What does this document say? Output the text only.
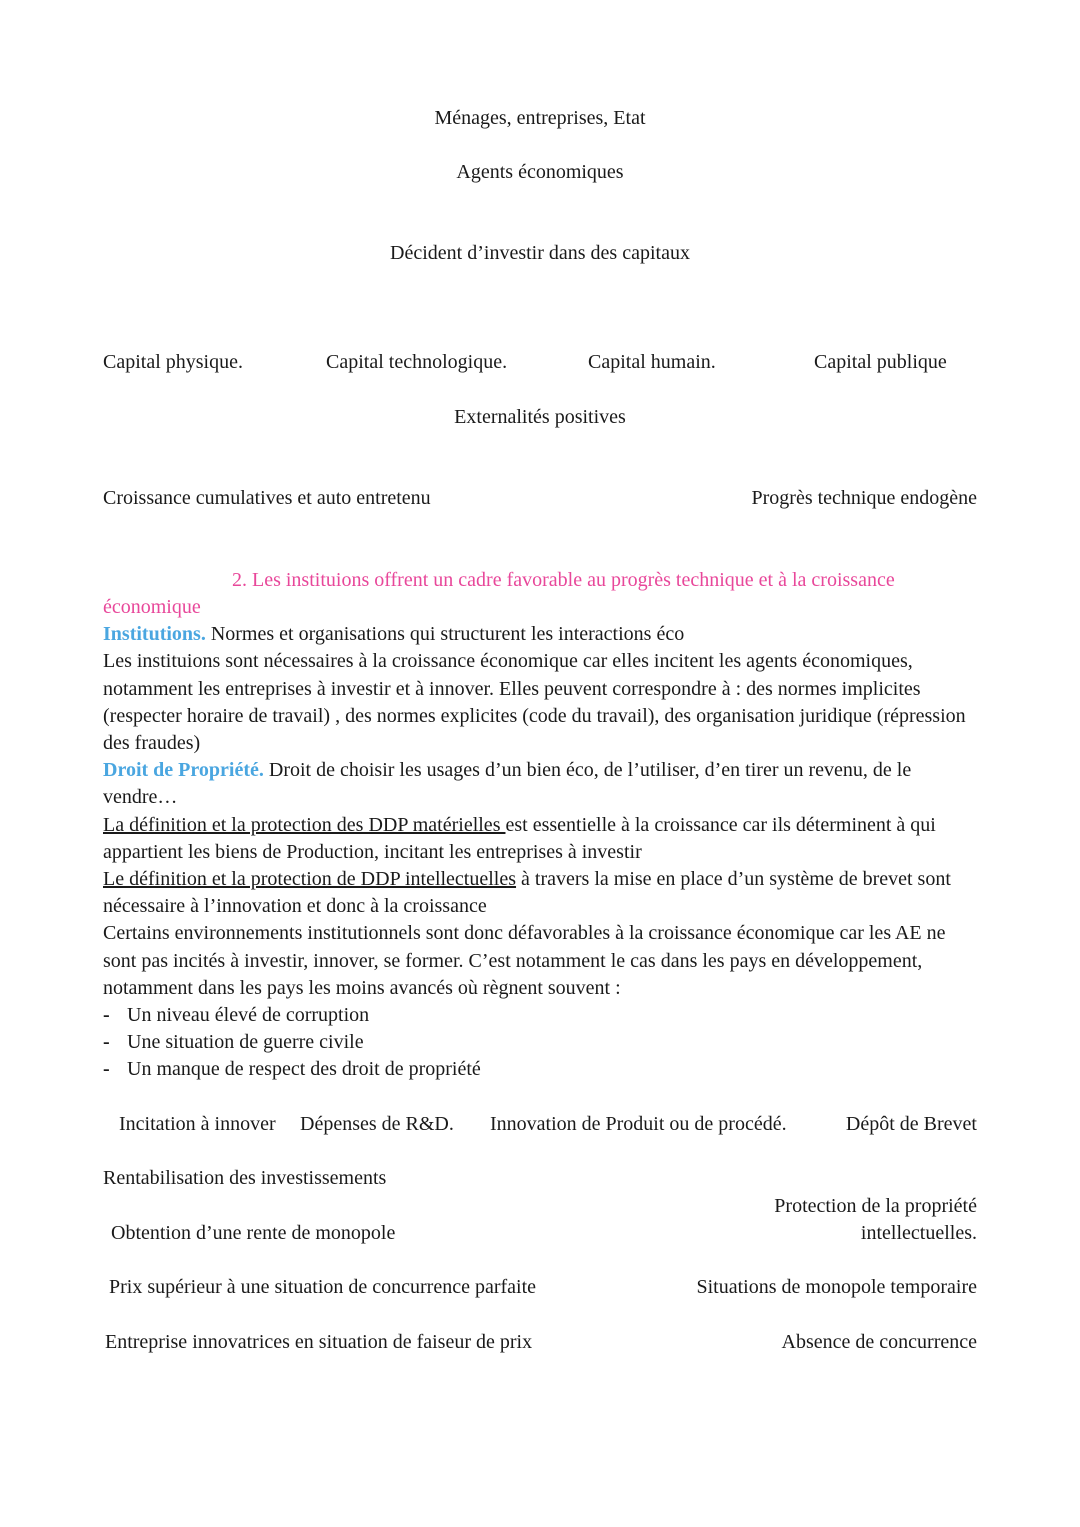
Ménages, entreprises, Etat
Agents économiques
Décident d’investir dans des capitaux
Capital physique.	Capital technologique.	Capital humain.	Capital publique
Externalités positives
Croissance cumulatives et auto entretenu	Progrès technique endogène
2. Les instituions offrent un cadre favorable au progrès technique et à la croissance

économique

Institutions. Normes et organisations qui structurent les interactions éco

Les instituions sont nécessaires à la croissance économique car elles incitent les agents économiques, notamment les entreprises à investir et à innover. Elles peuvent correspondre à : des normes implicites (respecter horaire de travail) , des normes explicites (code du travail), des organisation juridique (répression des fraudes)

Droit de Propriété. Droit de choisir les usages d’un bien éco, de l’utiliser, d’en tirer un revenu, de le vendre…

La définition et la protection des DDP matérielles est essentielle à la croissance car ils déterminent à qui appartient les biens de Production, incitant les entreprises à investir

Le définition et la protection de DDP intellectuelles à travers la mise en place d’un système de brevet sont nécessaire à l’innovation et donc à la croissance

Certains environnements institutionnels sont donc défavorables à la croissance économique car les AE ne sont pas incités à investir, innover, se former. C’est notamment le cas dans les pays en développement, notamment dans les pays les moins avancés où règnent souvent :

- Un niveau élevé de corruption
- Une situation de guerre civile
- Un manque de respect des droit de propriété
Incitation à innover Dépenses de R&D. Innovation de Produit ou de procédé.	Dépôt de Brevet
Rentabilisation des investissements
Protection de la propriété
intellectuelles.
Obtention d’une rente de monopole
Prix supérieur à une situation de concurrence parfaite	Situations de monopole temporaire
Entreprise innovatrices en situation de faiseur de prix	Absence de concurrence
